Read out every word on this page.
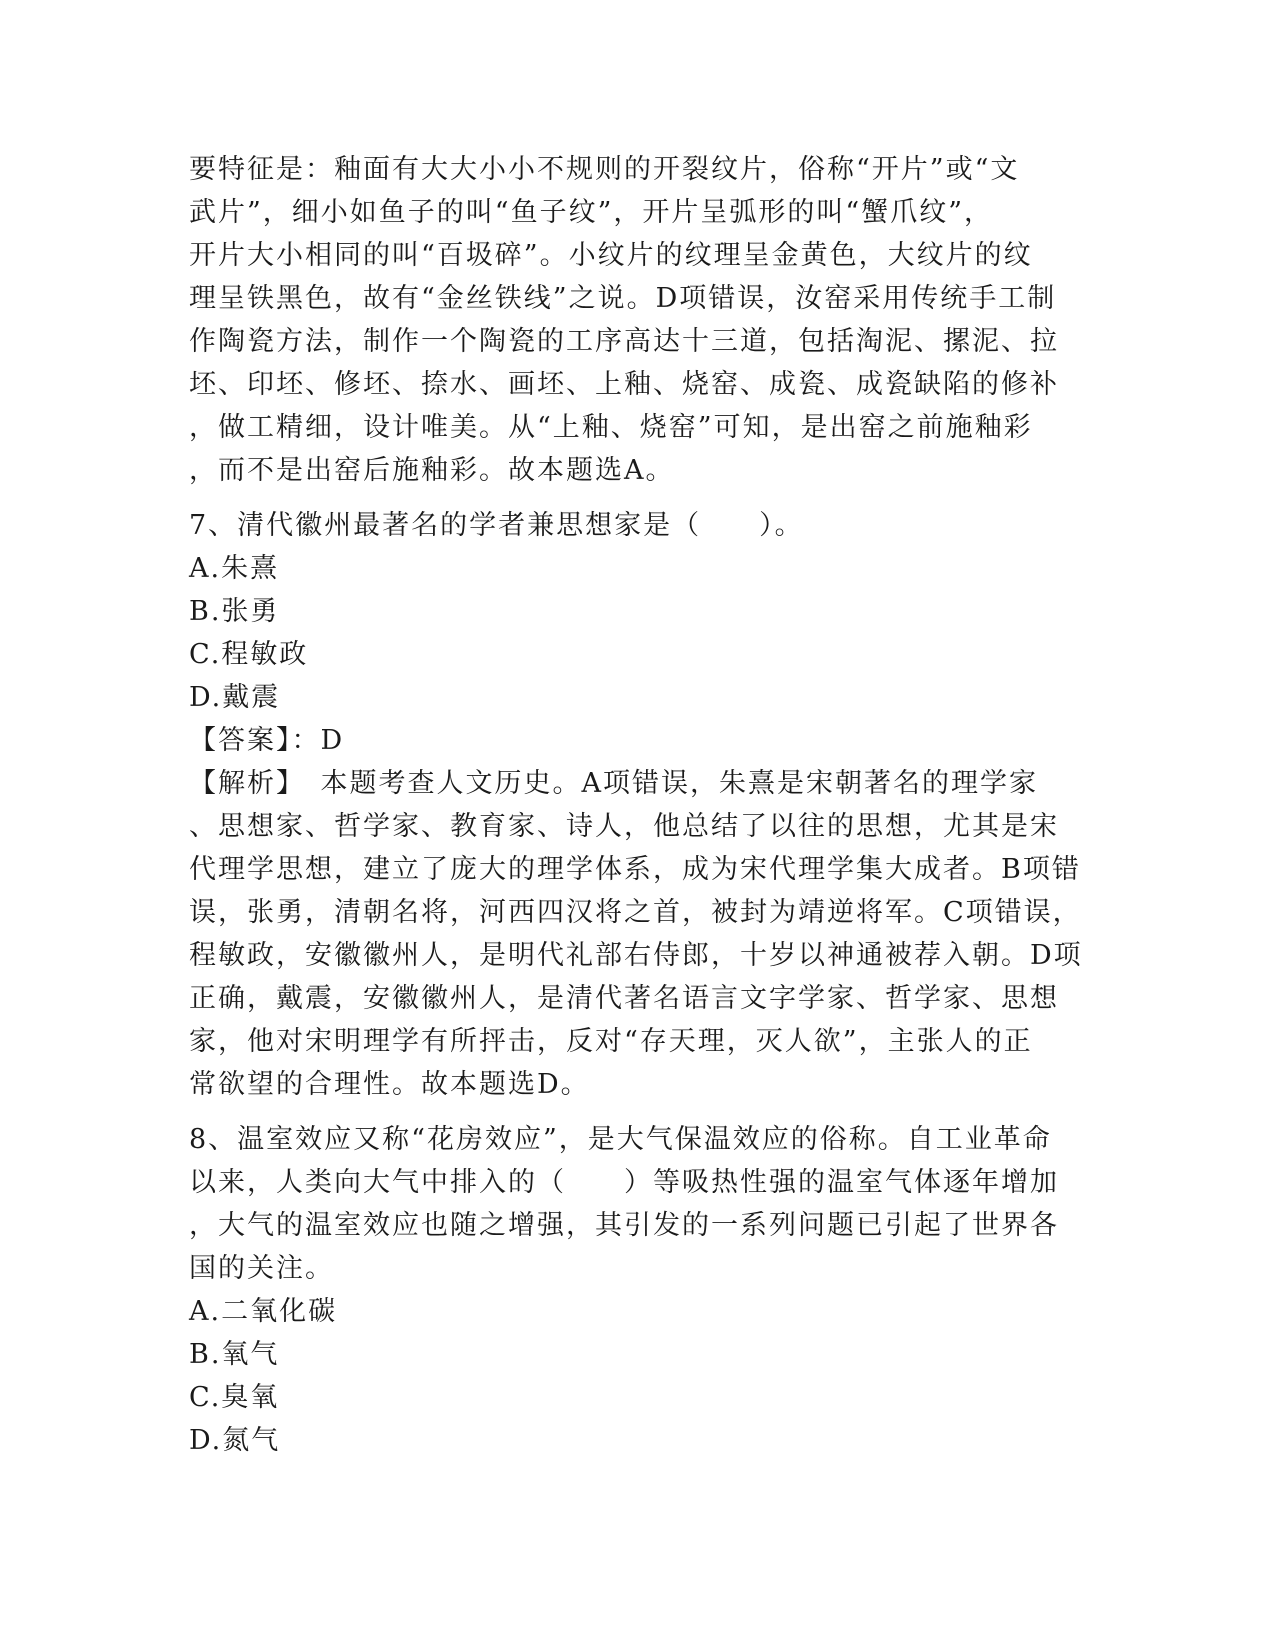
要特征是：釉面有大大小小不规则的开裂纹片，俗称“开片”或“文
武片”，细小如鱼子的叫“鱼子纹”，开片呈弧形的叫“蟹爪纹”，
开片大小相同的叫“百圾碎”。小纹片的纹理呈金黄色，大纹片的纹
理呈铁黑色，故有“金丝铁线”之说。D项错误，汝窑采用传统手工制
作陶瓷方法，制作一个陶瓷的工序高达十三道，包括淘泥、摞泥、拉
坯、印坯、修坯、捺水、画坯、上釉、烧窑、成瓷、成瓷缺陷的修补
，做工精细，设计唯美。从“上釉、烧窑”可知，是出窑之前施釉彩
，而不是出窑后施釉彩。故本题选A。
7、清代徽州最著名的学者兼思想家是（　　）。
A.朱熹
B.张勇
C.程敏政
D.戴震
【答案】：D
【解析】　本题考查人文历史。A项错误，朱熹是宋朝著名的理学家
、思想家、哲学家、教育家、诗人，他总结了以往的思想，尤其是宋
代理学思想，建立了庞大的理学体系，成为宋代理学集大成者。B项错
误，张勇，清朝名将，河西四汉将之首，被封为靖逆将军。C项错误，
程敏政，安徽徽州人，是明代礼部右侍郎，十岁以神通被荐入朝。D项
正确，戴震，安徽徽州人，是清代著名语言文字学家、哲学家、思想
家，他对宋明理学有所抨击，反对“存天理，灭人欲”，主张人的正
常欲望的合理性。故本题选D。
8、温室效应又称“花房效应”，是大气保温效应的俗称。自工业革命
以来，人类向大气中排入的（　　）等吸热性强的温室气体逐年增加
，大气的温室效应也随之增强，其引发的一系列问题已引起了世界各
国的关注。
A.二氧化碳
B.氧气
C.臭氧
D.氮气
